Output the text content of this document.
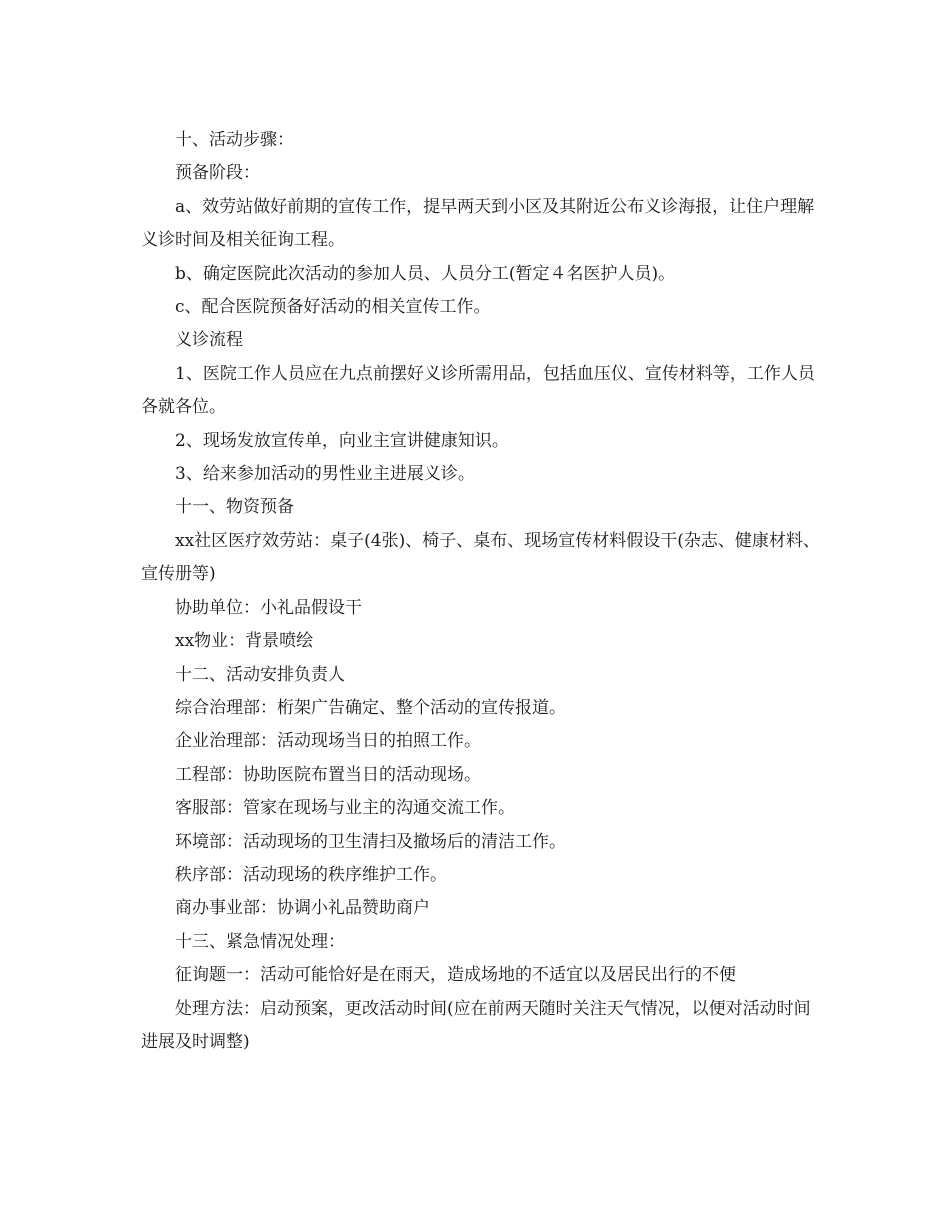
十、活动步骤：

预备阶段：

a、效劳站做好前期的宣传工作，提早两天到小区及其附近公布义诊海报，让住户理解义诊时间及相关征询工程。

b、确定医院此次活动的参加人员、人员分工(暂定４名医护人员)。

c、配合医院预备好活动的相关宣传工作。

义诊流程

1、医院工作人员应在九点前摆好义诊所需用品，包括血压仪、宣传材料等，工作人员各就各位。

2、现场发放宣传单，向业主宣讲健康知识。

3、给来参加活动的男性业主进展义诊。

十一、物资预备

xx社区医疗效劳站：桌子(4张)、椅子、桌布、现场宣传材料假设干(杂志、健康材料、宣传册等)

协助单位：小礼品假设干

xx物业：背景喷绘

十二、活动安排负责人

综合治理部：桁架广告确定、整个活动的宣传报道。

企业治理部：活动现场当日的拍照工作。

工程部：协助医院布置当日的活动现场。

客服部：管家在现场与业主的沟通交流工作。

环境部：活动现场的卫生清扫及撤场后的清洁工作。

秩序部：活动现场的秩序维护工作。

商办事业部：协调小礼品赞助商户

十三、紧急情况处理：

征询题一：活动可能恰好是在雨天，造成场地的不适宜以及居民出行的不便

处理方法：启动预案，更改活动时间(应在前两天随时关注天气情况，以便对活动时间进展及时调整)
